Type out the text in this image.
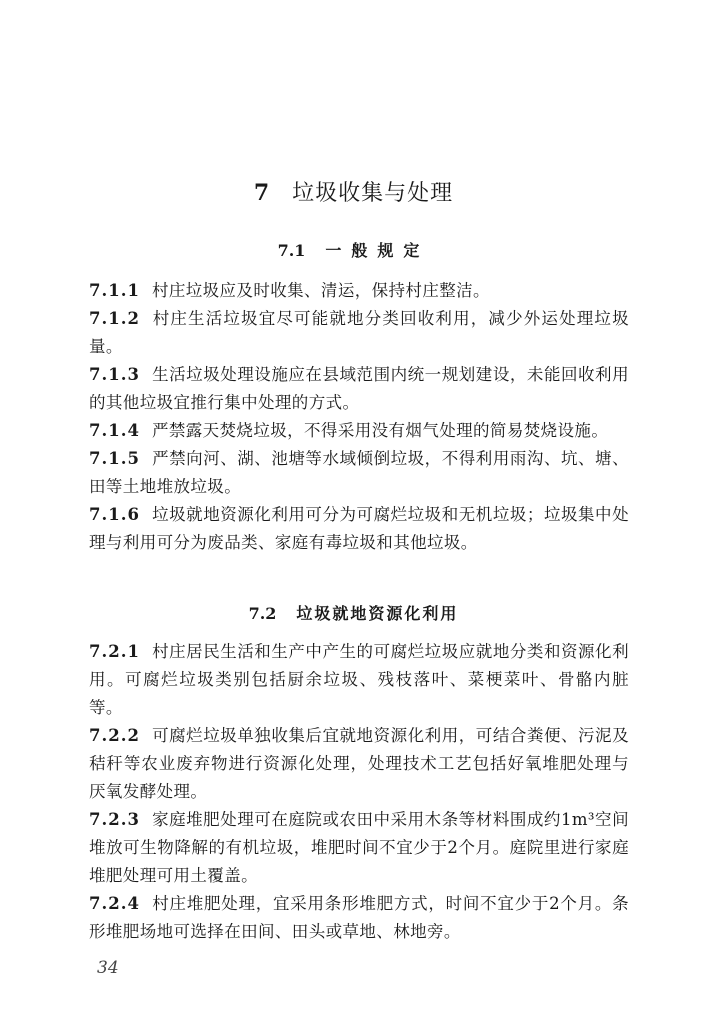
7 垃圾收集与处理
7.1 一般规定

7.1.1 村庄垃圾应及时收集、清运，保持村庄整洁。

7.1.2 村庄生活垃圾宜尽可能就地分类回收利用，减少外运处理垃圾量。

7.1.3 生活垃圾处理设施应在县域范围内统一规划建设，未能回收利用的其他垃圾宜推行集中处理的方式。

7.1.4 严禁露天焚烧垃圾，不得采用没有烟气处理的简易焚烧设施。

7.1.5 严禁向河、湖、池塘等水域倾倒垃圾，不得利用雨沟、坑、塘、田等土地堆放垃圾。

7.1.6 垃圾就地资源化利用可分为可腐烂垃圾和无机垃圾；垃圾集中处理与利用可分为废品类、家庭有毒垃圾和其他垃圾。

7.2 垃圾就地资源化利用

7.2.1 村庄居民生活和生产中产生的可腐烂垃圾应就地分类和资源化利用。可腐烂垃圾类别包括厨余垃圾、残枝落叶、菜梗菜叶、骨骼内脏等。

7.2.2 可腐烂垃圾单独收集后宜就地资源化利用，可结合粪便、污泥及秸秆等农业废弃物进行资源化处理，处理技术工艺包括好氧堆肥处理与厌氧发酵处理。

7.2.3 家庭堆肥处理可在庭院或农田中采用木条等材料围成约1m³空间堆放可生物降解的有机垃圾，堆肥时间不宜少于2个月。庭院里进行家庭堆肥处理可用土覆盖。

7.2.4 村庄堆肥处理，宜采用条形堆肥方式，时间不宜少于2个月。条形堆肥场地可选择在田间、田头或草地、林地旁。

34
